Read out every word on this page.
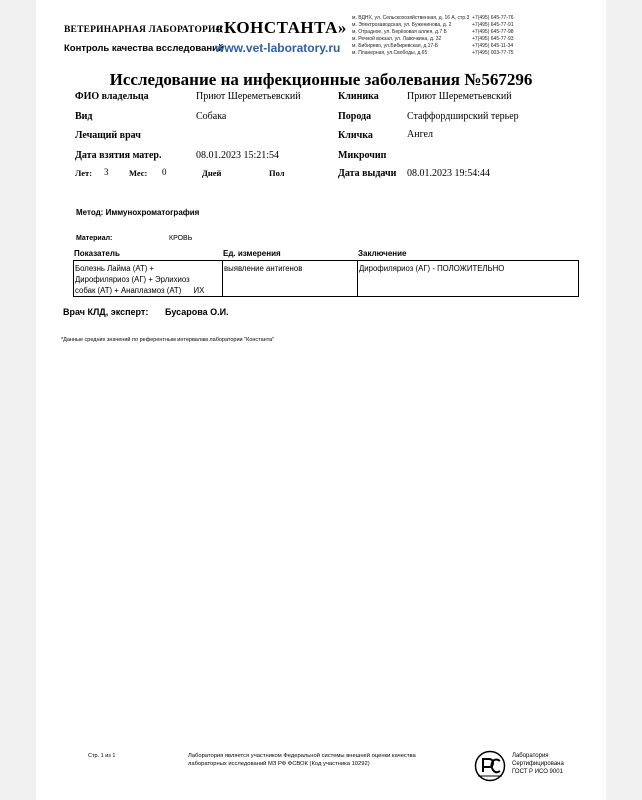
ВЕТЕРИНАРНАЯ ЛАБОРАТОРИЯ
«КОНСТАНТА»
Контроль качества вcследований
www.vet-laboratory.ru
м. ВДНХ, ул. Сельскохозяйственная, д. 16 А, стр.3
м. Электрозаводская, ул. Буженинова, д. 2
м. Отрадное, ул. Берёзовая аллея, д.7 Б
м. Речной вокзал, ул. Лавочкина, д. 32
м. Бибирево, ул.Бибиревская, д.17-Б
м. Планерная, ул.Свободы, д.65
+7(495) 645-77-76
+7(495) 645-77-91
+7(495) 645-77-98
+7(495) 645-77-93
+7(495) 645-11-34
+7(495) 003-77-75
Исследование на инфекционные заболевания №567296
ФИО владельца	Приют Шереметьевский
Вид	Собака
Лечащий врач
Дата взятия матер.	08.01.2023 15:21:54
Лет: 3 Мес: 0	Дней	Пол
Клиника	Приют Шереметьевский
Порода	Стаффордширский терьер
Кличка	Ангел
Микрочип
Дата выдачи 08.01.2023 19:54:44
Метод: Иммунохроматография
Материал:	КРОВЬ
Показатель	Ед. измерения	Заключение
Болезнь Лайма (АТ) +
Дирофиляриоз (АГ) + Эрлихиоз
собак (АТ) + Анаплазмоз (АТ) ИХ
выявление антигенов	Дирофиляриоз (АГ) - ПОЛОЖИТЕЛЬНО
Врач КЛД, эксперт: Бусарова О.И.
*Данные средних значений по референтным интервалам лаборатории "Константа"
Стр. 1 из 1	Лаборатория является участником Федеральной системы внешней оценки качества
лабораторных исследований МЗ РФ ФСВОК (Код участника 10292)
Лаборатория
Сертифицирована
ГОСТ Р ИСО 9001
